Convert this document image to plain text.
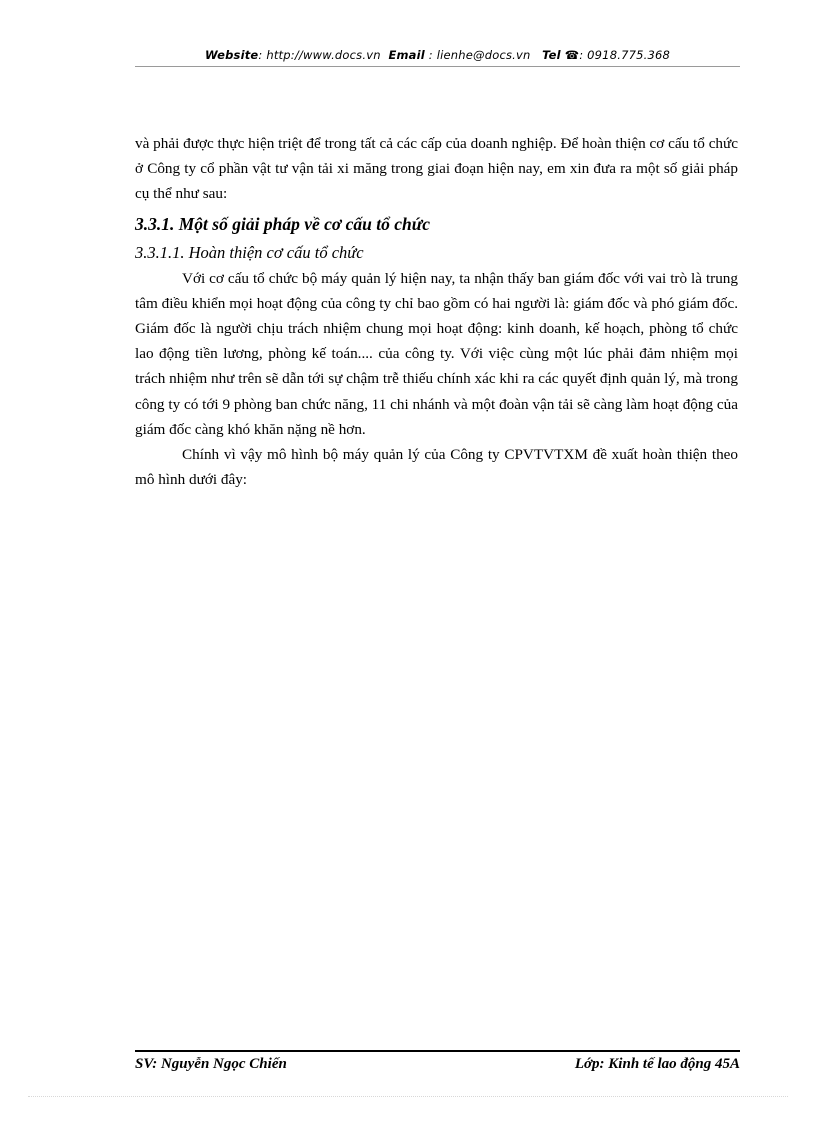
Website: http://www.docs.vn Email : lienhe@docs.vn Tel ☎: 0918.775.368

và phải được thực hiện triệt để trong tất cả các cấp của doanh nghiệp. Để hoàn thiện cơ cấu tổ chức ở Công ty cổ phần vật tư vận tải xi măng trong giai đoạn hiện nay, em xin đưa ra một số giải pháp cụ thể như sau:

3.3.1. Một số giải pháp về cơ cấu tổ chức

3.3.1.1. Hoàn thiện cơ cấu tổ chức

Với cơ cấu tổ chức bộ máy quản lý hiện nay, ta nhận thấy ban giám đốc với vai trò là trung tâm điều khiển mọi hoạt động của công ty chỉ bao gồm có hai người là: giám đốc và phó giám đốc. Giám đốc là người chịu trách nhiệm chung mọi hoạt động: kinh doanh, kế hoạch, phòng tổ chức lao động tiền lương, phòng kế toán.... của công ty. Với việc cùng một lúc phải đảm nhiệm mọi trách nhiệm như trên sẽ dẫn tới sự chậm trễ thiếu chính xác khi ra các quyết định quản lý, mà trong công ty có tới 9 phòng ban chức năng, 11 chi nhánh và một đoàn vận tải sẽ càng làm hoạt động của giám đốc càng khó khăn nặng nề hơn.

Chính vì vậy mô hình bộ máy quản lý của Công ty CPVTVTXM đề xuất hoàn thiện theo mô hình dưới đây:

SV: Nguyễn Ngọc Chiến	Lớp: Kinh tế lao động 45A
